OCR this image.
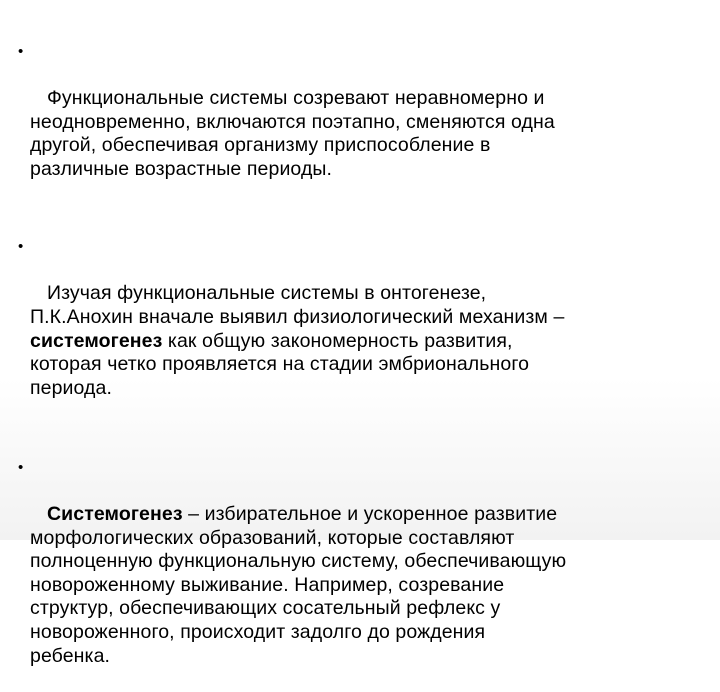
•

Функциональные системы созревают неравномерно и
неодновременно, включаются поэтапно, сменяются одна
другой, обеспечивая организму приспособление в
различные возрастные периоды.

•

Изучая функциональные системы в онтогенезе,
П.К.Анохин вначале выявил физиологический механизм –
системогенез как общую закономерность развития,
которая четко проявляется на стадии эмбрионального
периода.

•

Системогенез – избирательное и ускоренное развитие
морфологических образований, которые составляют
полноценную функциональную систему, обеспечивающую
новороженному выживание. Например, созревание
структур, обеспечивающих сосательный рефлекс у
новороженного, происходит задолго до рождения
ребенка.
